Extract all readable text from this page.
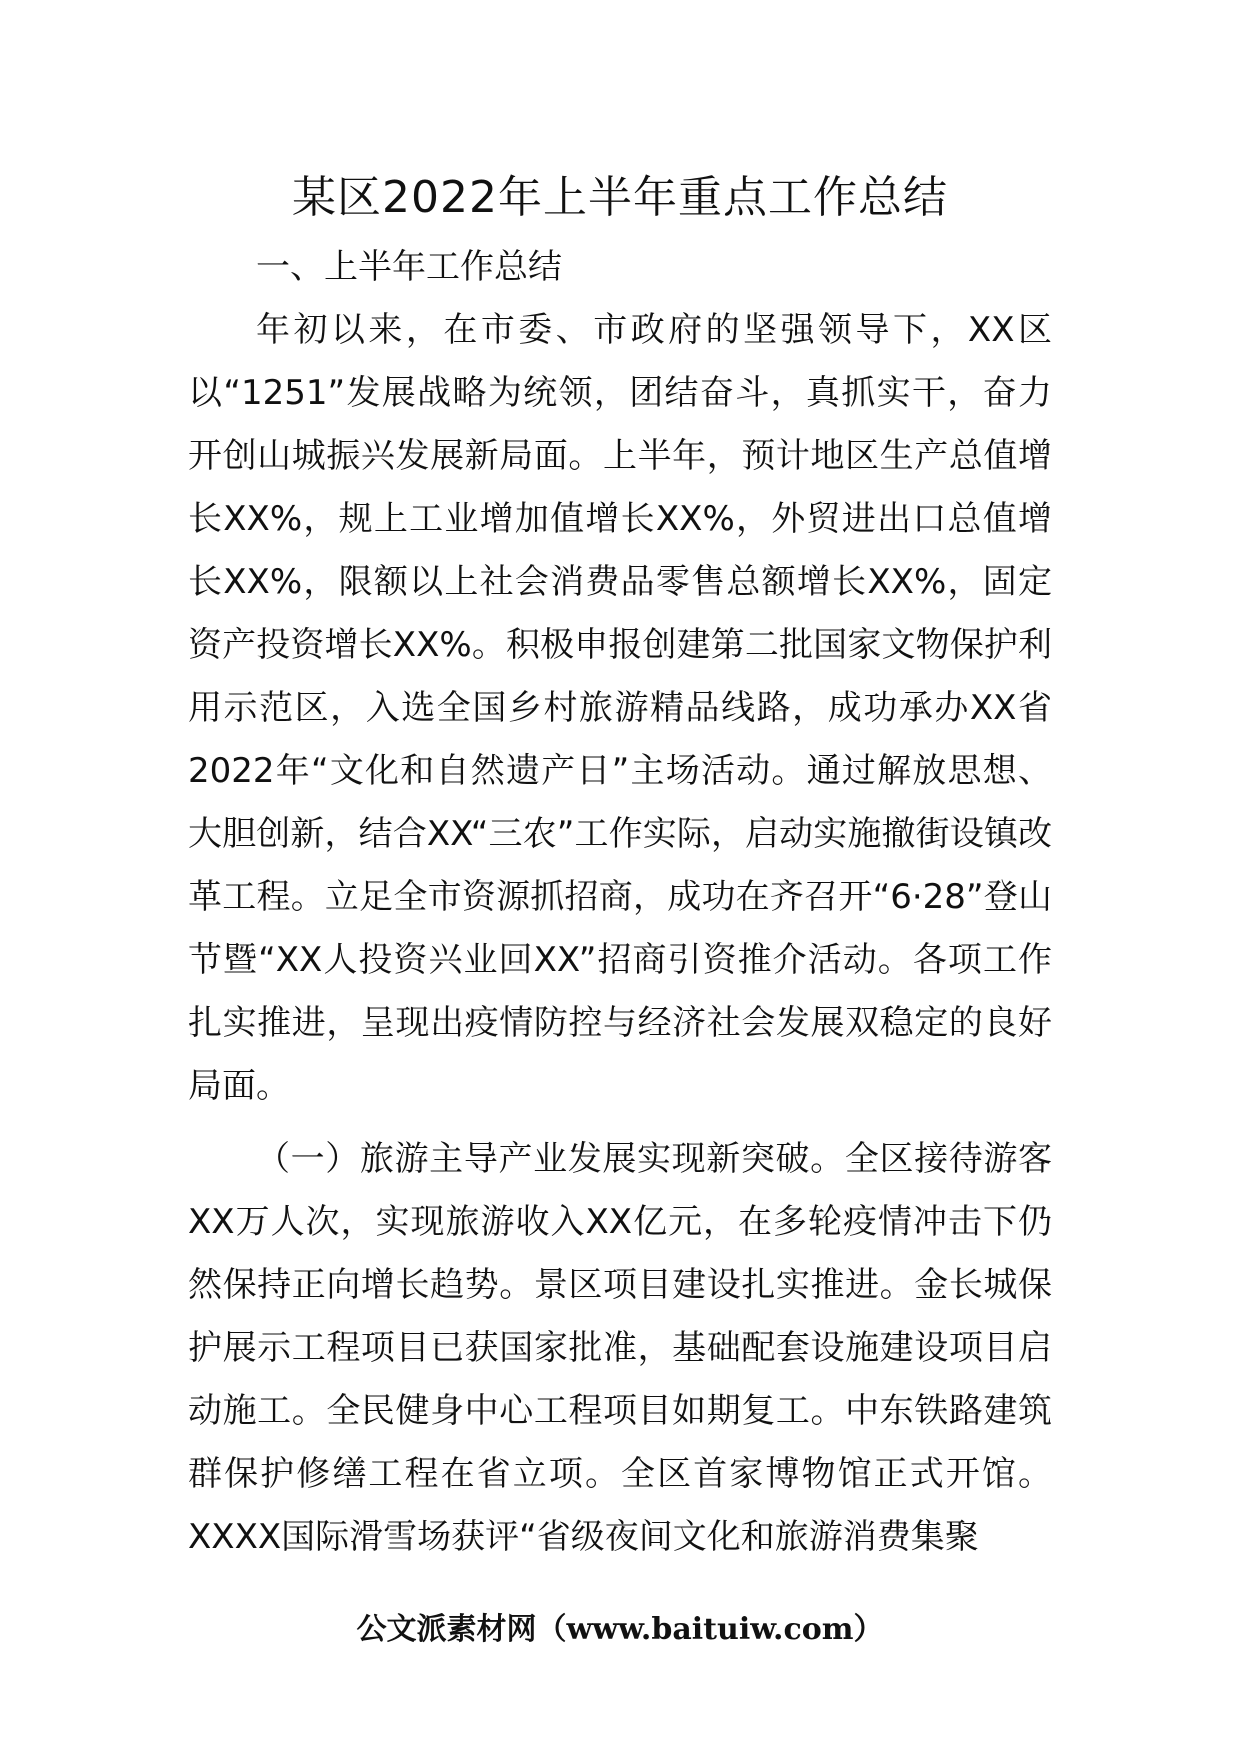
某区2022年上半年重点工作总结

一、上半年工作总结

年初以来，在市委、市政府的坚强领导下，XX区以“1251”发展战略为统领，团结奋斗，真抓实干，奋力开创山城振兴发展新局面。上半年，预计地区生产总值增长XX%，规上工业增加值增长XX%，外贸进出口总值增长XX%，限额以上社会消费品零售总额增长XX%，固定资产投资增长XX%。积极申报创建第二批国家文物保护利用示范区，入选全国乡村旅游精品线路，成功承办XX省2022年“文化和自然遗产日”主场活动。通过解放思想、大胆创新，结合XX“三农”工作实际，启动实施撤街设镇改革工程。立足全市资源抓招商，成功在齐召开“6·28”登山节暨“XX人投资兴业回XX”招商引资推介活动。各项工作扎实推进，呈现出疫情防控与经济社会发展双稳定的良好局面。

（一）旅游主导产业发展实现新突破。全区接待游客XX万人次，实现旅游收入XX亿元，在多轮疫情冲击下仍然保持正向增长趋势。景区项目建设扎实推进。金长城保护展示工程项目已获国家批准，基础配套设施建设项目启动施工。全民健身中心工程项目如期复工。中东铁路建筑群保护修缮工程在省立项。全区首家博物馆正式开馆。XXXX国际滑雪场获评“省级夜间文化和旅游消费集聚

公文派素材网（www.baituiw.com）
